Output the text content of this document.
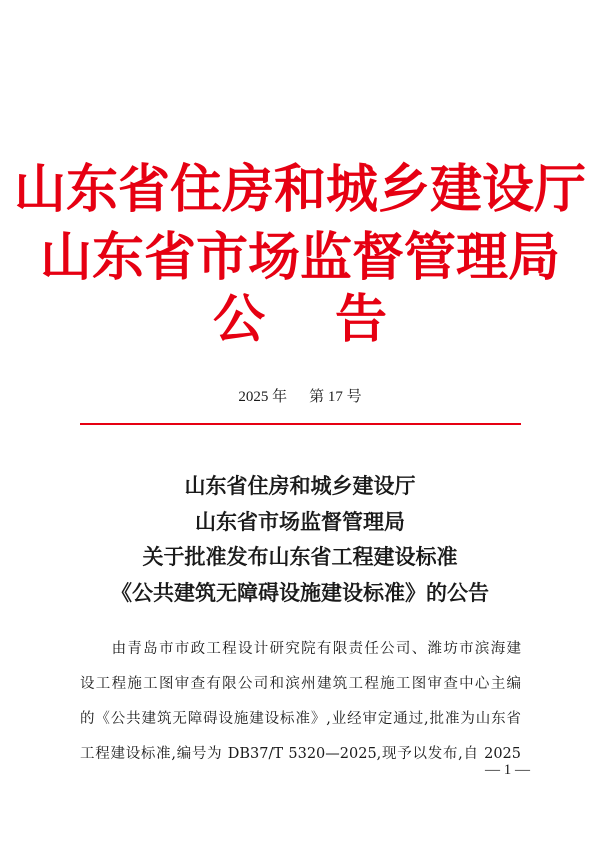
山东省住房和城乡建设厅
山东省市场监督管理局
公告
2025 年 第 17 号
山东省住房和城乡建设厅
山东省市场监督管理局
关于批准发布山东省工程建设标准
《公共建筑无障碍设施建设标准》的公告
　　由青岛市市政工程设计研究院有限责任公司、潍坊市滨海建
设工程施工图审查有限公司和滨州建筑工程施工图审查中心主编
的《公共建筑无障碍设施建设标准》,业经审定通过,批准为山东省
工程建设标准,编号为 DB37/T 5320—2025,现予以发布,自 2025
— 1 —
